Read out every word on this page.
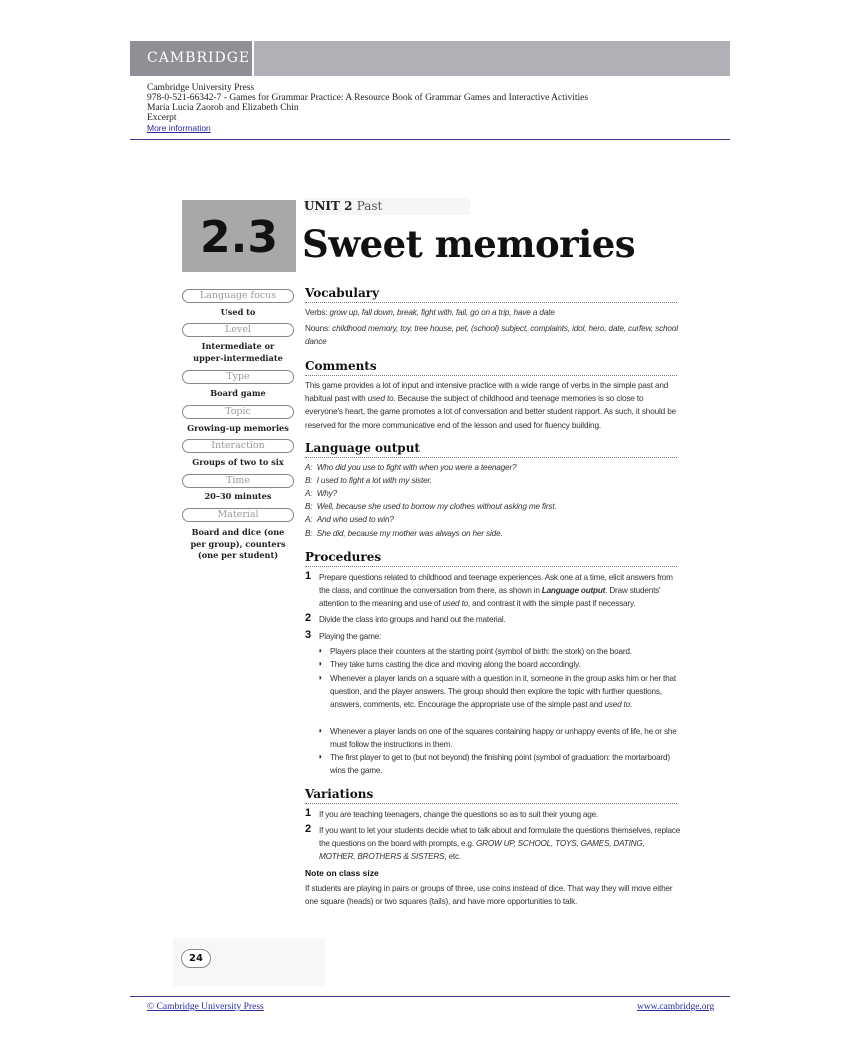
CAMBRIDGE
Cambridge University Press
978-0-521-66342-7 - Games for Grammar Practice: A Resource Book of Grammar Games and Interactive Activities
Maria Lucia Zaorob and Elizabeth Chin
Excerpt
More information
2.3
UNIT 2 Past
Sweet memories
Language focus
Used to
Level
Intermediate or upper-intermediate
Type
Board game
Topic
Growing-up memories
Interaction
Groups of two to six
Time
20–30 minutes
Material
Board and dice (one per group), counters (one per student)
Vocabulary
Verbs: grow up, fall down, break, fight with, fail, go on a trip, have a date
Nouns: childhood memory, toy, tree house, pet, (school) subject, complaints, idol, hero, date, curfew, school dance
Comments
This game provides a lot of input and intensive practice with a wide range of verbs in the simple past and habitual past with used to. Because the subject of childhood and teenage memories is so close to everyone's heart, the game promotes a lot of conversation and better student rapport. As such, it should be reserved for the more communicative end of the lesson and used for fluency building.
Language output
A: Who did you use to fight with when you were a teenager?
B: I used to fight a lot with my sister.
A: Why?
B: Well, because she used to borrow my clothes without asking me first.
A: And who used to win?
B: She did, because my mother was always on her side.
Procedures
1 Prepare questions related to childhood and teenage experiences. Ask one at a time, elicit answers from the class, and continue the conversation from there, as shown in Language output. Draw students' attention to the meaning and use of used to, and contrast it with the simple past if necessary.
2 Divide the class into groups and hand out the material.
3 Playing the game:
◗ Players place their counters at the starting point (symbol of birth: the stork) on the board.
◗ They take turns casting the dice and moving along the board accordingly.
◗ Whenever a player lands on a square with a question in it, someone in the group asks him or her that question, and the player answers. The group should then explore the topic with further questions, answers, comments, etc. Encourage the appropriate use of the simple past and used to.
◗ Whenever a player lands on one of the squares containing happy or unhappy events of life, he or she must follow the instructions in them.
◗ The first player to get to (but not beyond) the finishing point (symbol of graduation: the mortarboard) wins the game.
Variations
1 If you are teaching teenagers, change the questions so as to suit their young age.
2 If you want to let your students decide what to talk about and formulate the questions themselves, replace the questions on the board with prompts, e.g. GROW UP, SCHOOL, TOYS, GAMES, DATING, MOTHER, BROTHERS & SISTERS, etc.
Note on class size
If students are playing in pairs or groups of three, use coins instead of dice. That way they will move either one square (heads) or two squares (tails), and have more opportunities to talk.
24
© Cambridge University Press	www.cambridge.org
